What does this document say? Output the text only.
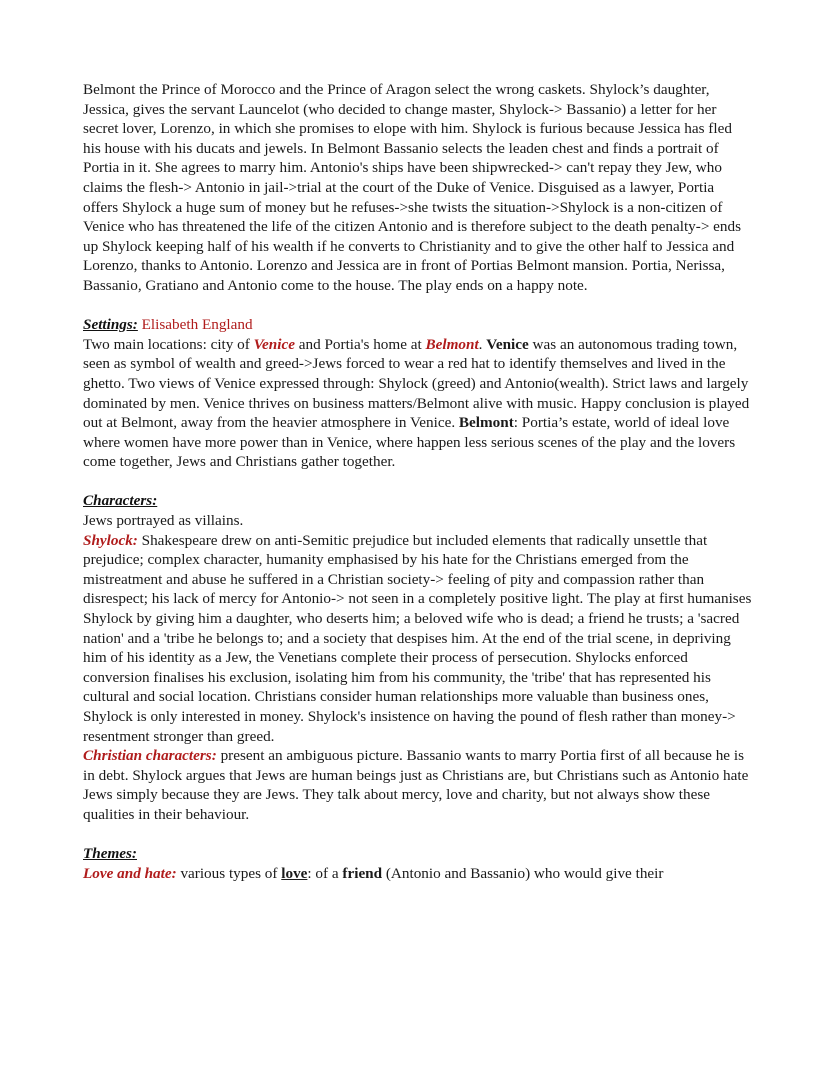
Belmont the Prince of Morocco and the Prince of Aragon select the wrong caskets. Shylock’s daughter, Jessica, gives the servant Launcelot (who decided to change master, Shylock-> Bassanio) a letter for her secret lover, Lorenzo, in which she promises to elope with him. Shylock is furious because Jessica has fled his house with his ducats and jewels. In Belmont Bassanio selects the leaden chest and finds a portrait of Portia in it. She agrees to marry him. Antonio's ships have been shipwrecked-> can't repay they Jew, who claims the flesh-> Antonio in jail->trial at the court of the Duke of Venice. Disguised as a lawyer, Portia offers Shylock a huge sum of money but he refuses->she twists the situation->Shylock is a non-citizen of Venice who has threatened the life of the citizen Antonio and is therefore subject to the death penalty-> ends up Shylock keeping half of his wealth if he converts to Christianity and to give the other half to Jessica and Lorenzo, thanks to Antonio. Lorenzo and Jessica are in front of Portias Belmont mansion. Portia, Nerissa, Bassanio, Gratiano and Antonio come to the house. The play ends on a happy note.

Settings: Elisabeth England

Two main locations: city of Venice and Portia's home at Belmont. Venice was an autonomous trading town, seen as symbol of wealth and greed->Jews forced to wear a red hat to identify themselves and lived in the ghetto. Two views of Venice expressed through: Shylock (greed) and Antonio(wealth). Strict laws and largely dominated by men. Venice thrives on business matters/Belmont alive with music. Happy conclusion is played out at Belmont, away from the heavier atmosphere in Venice. Belmont: Portia’s estate, world of ideal love where women have more power than in Venice, where happen less serious scenes of the play and the lovers come together, Jews and Christians gather together.

Characters:

Jews portrayed as villains.

Shylock: Shakespeare drew on anti-Semitic prejudice but included elements that radically unsettle that prejudice; complex character, humanity emphasised by his hate for the Christians emerged from the mistreatment and abuse he suffered in a Christian society-> feeling of pity and compassion rather than disrespect; his lack of mercy for Antonio-> not seen in a completely positive light. The play at first humanises Shylock by giving him a daughter, who deserts him; a beloved wife who is dead; a friend he trusts; a 'sacred nation' and a 'tribe he belongs to; and a society that despises him. At the end of the trial scene, in depriving him of his identity as a Jew, the Venetians complete their process of persecution. Shylocks enforced conversion finalises his exclusion, isolating him from his community, the 'tribe' that has represented his cultural and social location. Christians consider human relationships more valuable than business ones, Shylock is only interested in money. Shylock's insistence on having the pound of flesh rather than money-> resentment stronger than greed.

Christian characters: present an ambiguous picture. Bassanio wants to marry Portia first of all because he is in debt. Shylock argues that Jews are human beings just as Christians are, but Christians such as Antonio hate Jews simply because they are Jews. They talk about mercy, love and charity, but not always show these qualities in their behaviour.

Themes:

Love and hate: various types of love: of a friend (Antonio and Bassanio) who would give their
